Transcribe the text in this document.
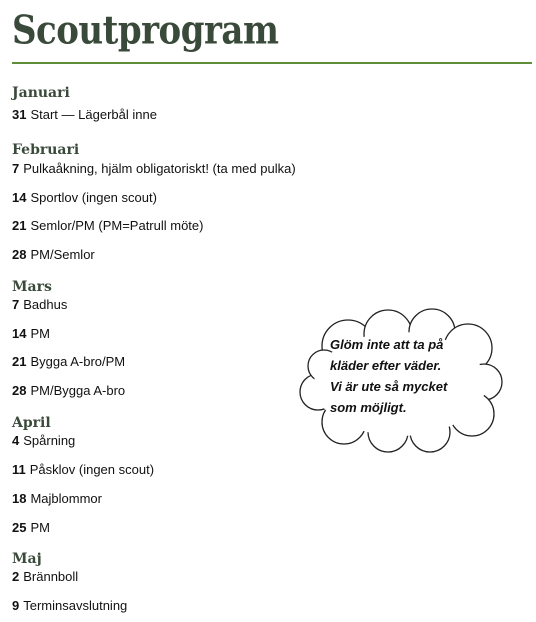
Scoutprogram
Januari
31 Start — Lägerbål inne
Februari
7 Pulkaåkning, hjälm obligatoriskt! (ta med pulka)
14 Sportlov (ingen scout)
21 Semlor/PM (PM=Patrull möte)
28 PM/Semlor
Mars
7 Badhus
14 PM
21 Bygga A-bro/PM
28 PM/Bygga A-bro
April
4 Spårning
11 Påsklov (ingen scout)
18 Majblommor
25 PM
Maj
2 Brännboll
9 Terminsavslutning
Glöm inte att ta på
kläder efter väder.
Vi är ute så mycket
som möjligt.
